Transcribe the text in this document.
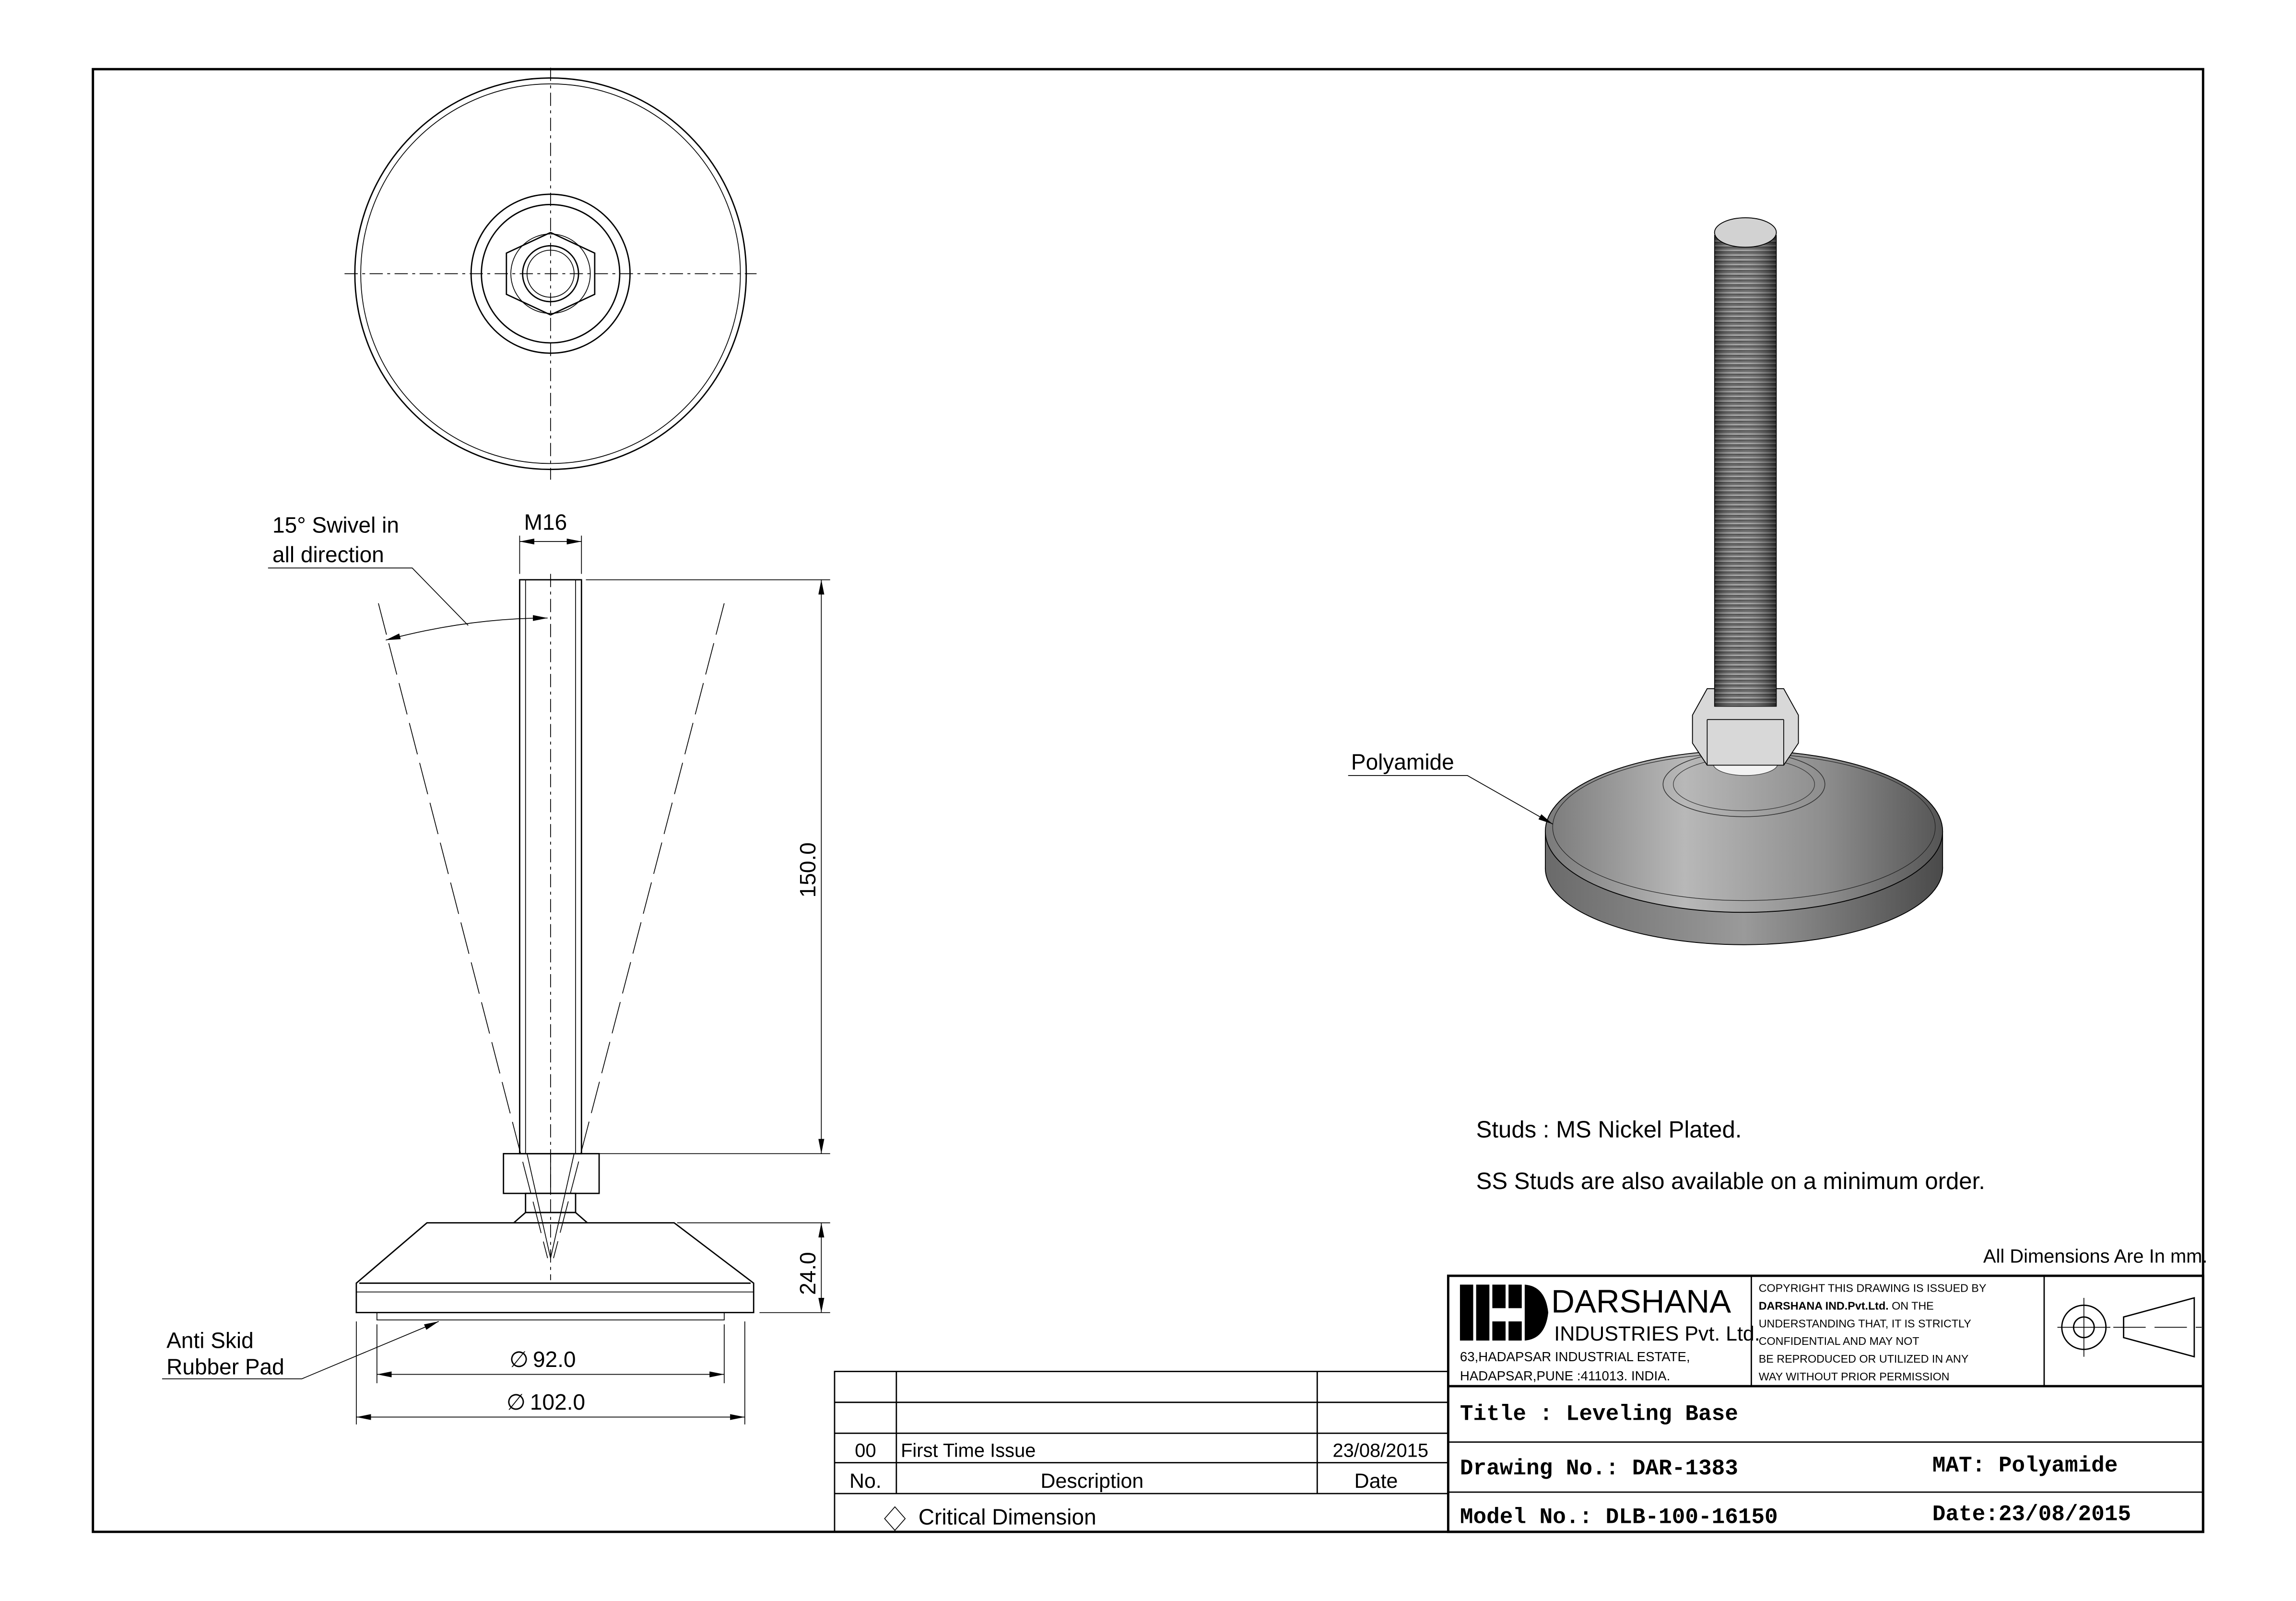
15° Swivel in
all direction
M16
150.0
24.0
∅ 92.0
∅ 102.0
Anti Skid
Rubber Pad
Polyamide
Studs : MS Nickel Plated.
SS Studs are also available on a minimum order.
All Dimensions Are In mm.
00	First Time Issue	23/08/2015
No.	Description	Date
Critical Dimension
DARSHANA
INDUSTRIES Pvt. Ltd.
63,HADAPSAR INDUSTRIAL ESTATE,
HADAPSAR,PUNE :411013. INDIA.
COPYRIGHT THIS DRAWING IS ISSUED BY
DARSHANA IND.Pvt.Ltd. ON THE
UNDERSTANDING THAT, IT IS STRICTLY
CONFIDENTIAL AND MAY NOT
BE REPRODUCED OR UTILIZED IN ANY
WAY WITHOUT PRIOR PERMISSION
Title : Leveling Base
Drawing No.: DAR-1383	MAT: Polyamide
Model No.: DLB-100-16150	Date:23/08/2015
